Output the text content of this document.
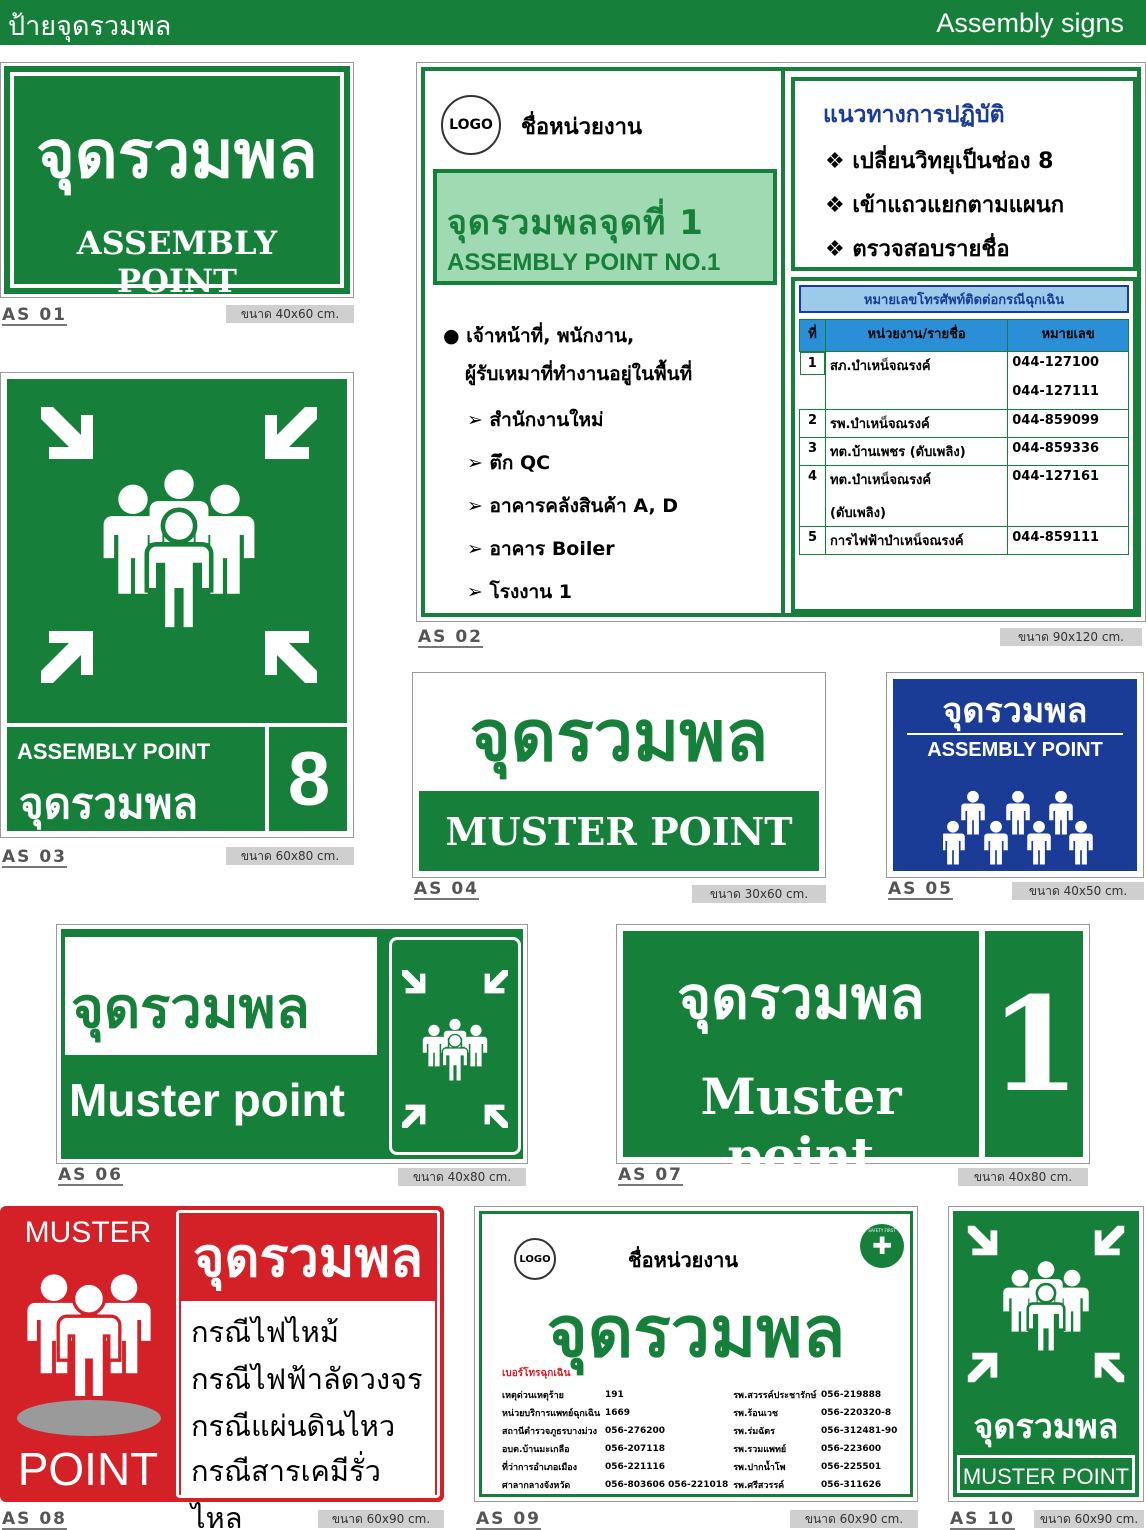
ป้ายจุดรวมพล	Assembly signs
จุดรวมพล
ASSEMBLY POINT
AS 01	ขนาด 40x60 cm.
LOGO ชื่อหน่วยงาน
จุดรวมพลจุดที่ 1
ASSEMBLY POINT NO.1
● เจ้าหน้าที่, พนักงาน,
ผู้รับเหมาที่ทำงานอยู่ในพื้นที่
➢ สำนักงานใหม่
➢ ตึก QC
➢ อาคารคลังสินค้า A, D
➢ อาคาร Boiler
➢ โรงงาน 1
แนวทางการปฏิบัติ
❖ เปลี่ยนวิทยุเป็นช่อง 8
❖ เข้าแถวแยกตามแผนก
❖ ตรวจสอบรายชื่อ
หมายเลขโทรศัพท์ติดต่อกรณีฉุกเฉิน
ที่	หน่วยงาน/รายชื่อ	หมายเลข

1	สภ.บำเหน็จณรงค์	044-127100
044-127111

2	รพ.บำเหน็จณรงค์	044-859099
3	ทต.บ้านเพชร (ดับเพลิง)	044-859336
4	ทต.บำเหน็จณรงค์
(ดับเพลิง)	044-127161
5	การไฟฟ้าบำเหน็จณรงค์	044-859111
AS 02	ขนาด 90x120 cm.
ASSEMBLY POINT
จุดรวมพล 8
AS 03	ขนาด 60x80 cm.
จุดรวมพล
MUSTER POINT
AS 04	ขนาด 30x60 cm.
จุดรวมพล
ASSEMBLY POINT
AS 05	ขนาด 40x50 cm.
จุดรวมพล
Muster point
AS 06	ขนาด 40x80 cm.
จุดรวมพล
Muster point
1
AS 07	ขนาด 40x80 cm.
MUSTER
POINT
จุดรวมพล
กรณีไฟไหม้
กรณีไฟฟ้าลัดวงจร
กรณีแผ่นดินไหว
กรณีสารเคมีรั่วไหล
AS 08	ขนาด 60x90 cm.
LOGO	ชื่อหน่วยงาน	✚
SAFETY FIRST
จุดรวมพล
เบอร์โทรฉุกเฉิน
เหตุด่วนเหตุร้าย	191	รพ.สวรรค์ประชารักษ์	056-219888
หน่วยบริการแพทย์ฉุกเฉิน	1669	รพ.ร้อนเวช	056-220320-8
สถานีตำรวจภูธรบางม่วง	056-276200	รพ.ร่มฉัตร	056-312481-90
อบต.บ้านมะเกลือ	056-207118	รพ.รวมแพทย์	056-223600
ที่ว่าการอำเภอเมือง	056-221116	รพ.ปากน้ำโพ	056-225501
ศาลากลางจังหวัด	056-803606 056-221018	รพ.ศรีสวรรค์	056-311626
AS 09	ขนาด 60x90 cm.
จุดรวมพล
MUSTER POINT
AS 10	ขนาด 60x90 cm.
